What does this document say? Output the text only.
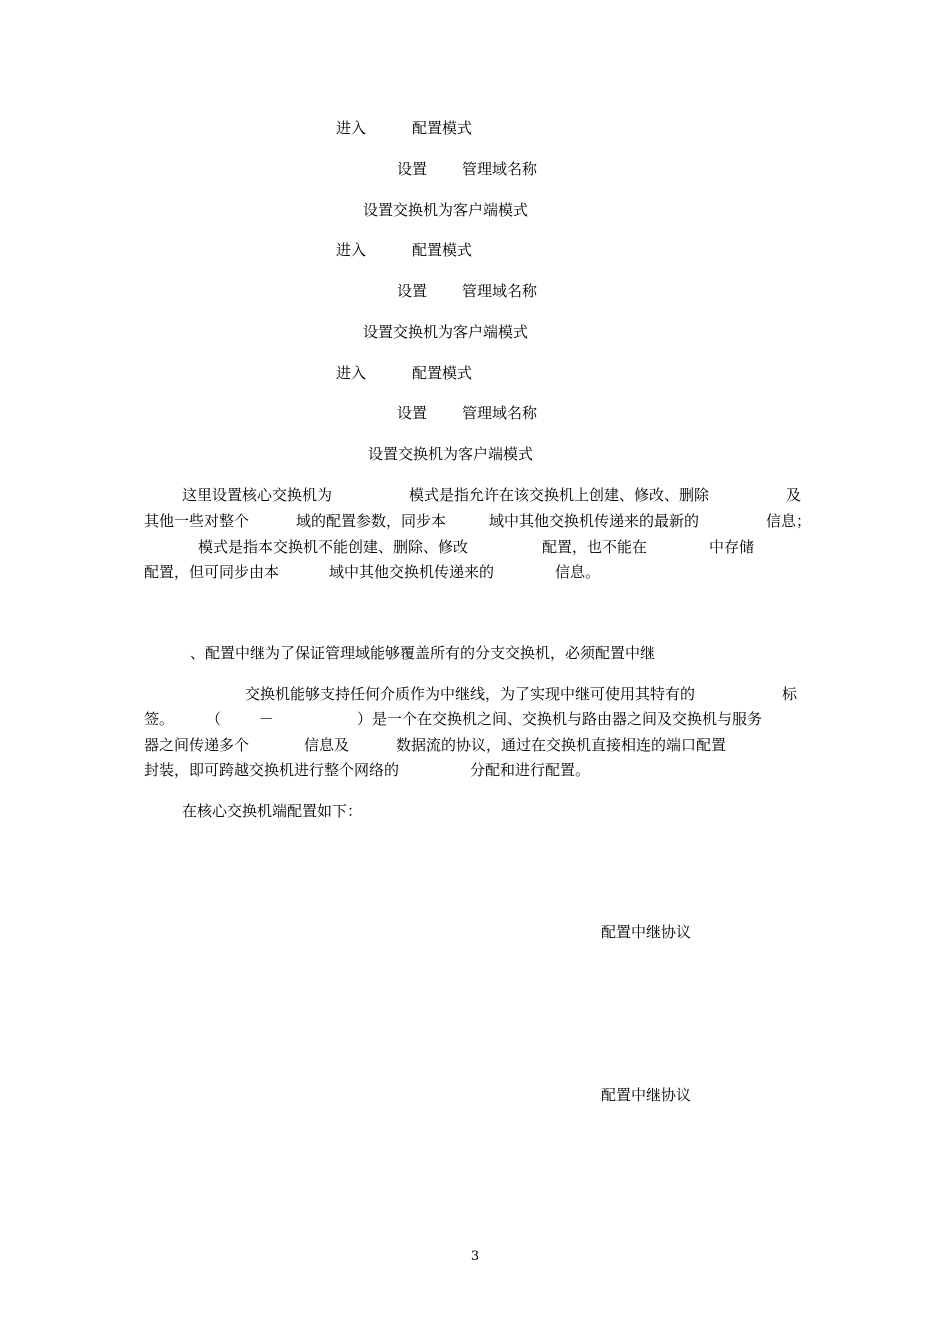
进入	配置模式
设置 管理域名称
设置交换机为客户端模式
进入	配置模式
设置 管理域名称
设置交换机为客户端模式
进入	配置模式
设置 管理域名称
设置交换机为客户端模式
这里设置核心交换机为	模式是指允许在该交换机上创建、修改、删除	及
其他一些对整个	域的配置参数，同步本	域中其他交换机传递来的最新的	信息；
模式是指本交换机不能创建、删除、修改	配置，也不能在	中存储
配置，但可同步由本	域中其他交换机传递来的	信息。
、配置中继为了保证管理域能够覆盖所有的分支交换机，必须配置中继
交换机能够支持任何介质作为中继线，为了实现中继可使用其特有的	标
签。 （	－	）是一个在交换机之间、交换机与路由器之间及交换机与服务
器之间传递多个	信息及	数据流的协议，通过在交换机直接相连的端口配置
封装，即可跨越交换机进行整个网络的	分配和进行配置。
在核心交换机端配置如下：
配置中继协议
配置中继协议
3
